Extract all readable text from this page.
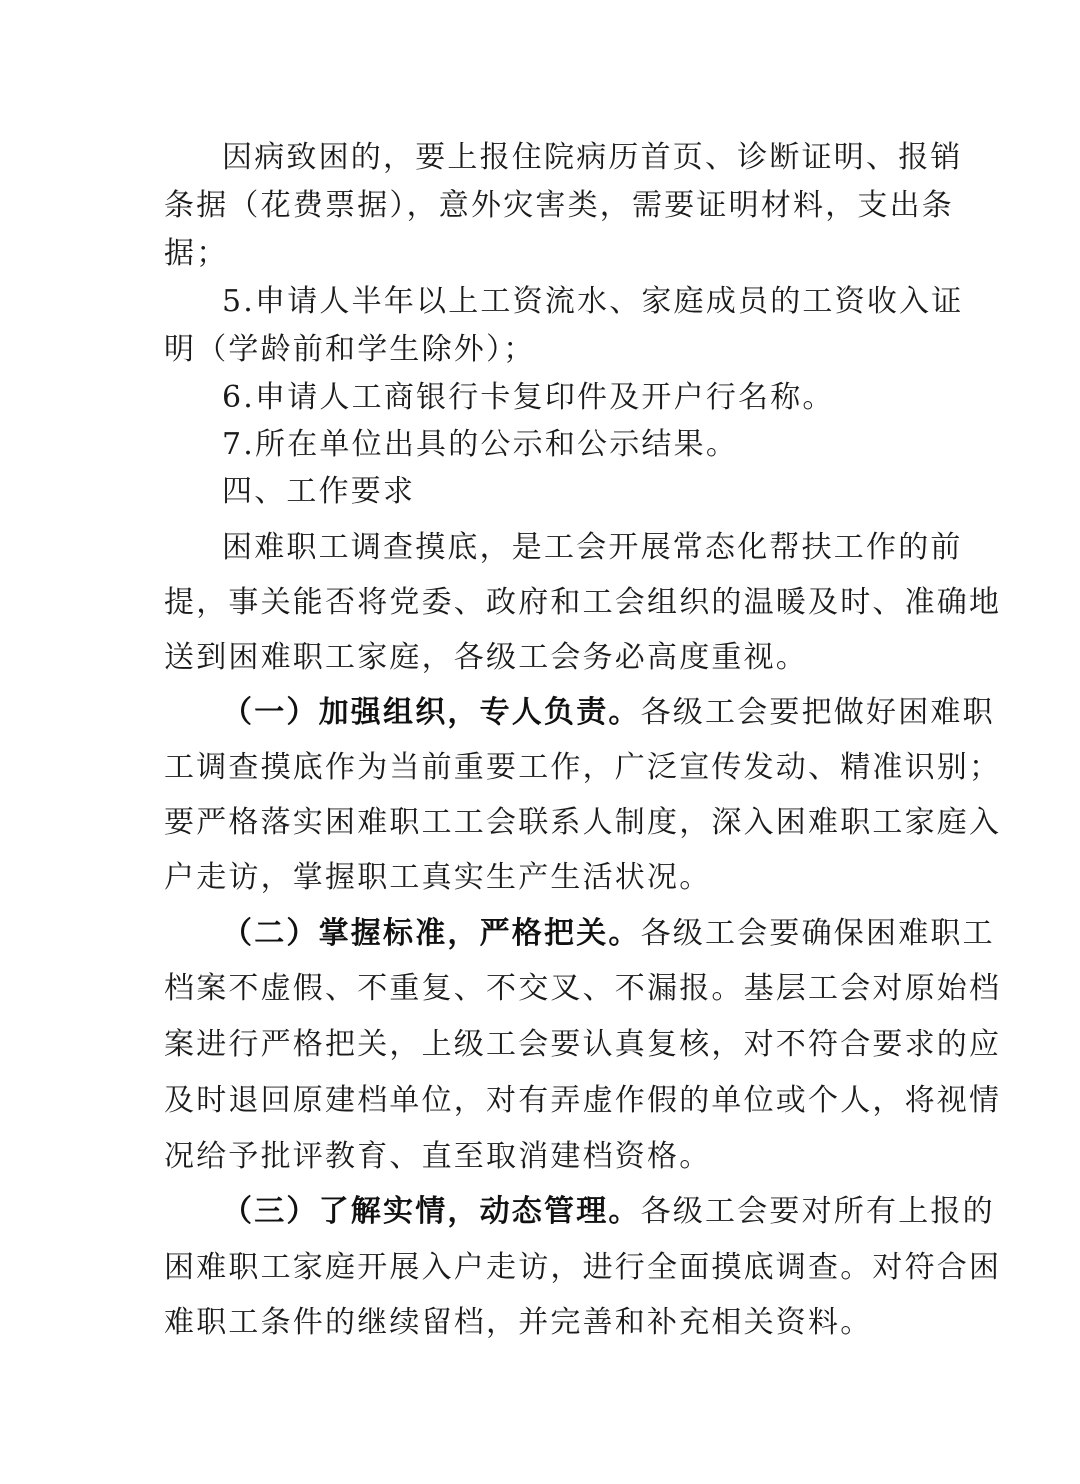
因病致困的，要上报住院病历首页、诊断证明、报销
条据（花费票据），意外灾害类，需要证明材料，支出条
据；
5.申请人半年以上工资流水、家庭成员的工资收入证
明（学龄前和学生除外）；
6.申请人工商银行卡复印件及开户行名称。
7.所在单位出具的公示和公示结果。
四、工作要求
困难职工调查摸底，是工会开展常态化帮扶工作的前
提，事关能否将党委、政府和工会组织的温暖及时、准确地
送到困难职工家庭，各级工会务必高度重视。
（一）加强组织，专人负责。各级工会要把做好困难职
工调查摸底作为当前重要工作，广泛宣传发动、精准识别；
要严格落实困难职工工会联系人制度，深入困难职工家庭入
户走访，掌握职工真实生产生活状况。
（二）掌握标准，严格把关。各级工会要确保困难职工
档案不虚假、不重复、不交叉、不漏报。基层工会对原始档
案进行严格把关，上级工会要认真复核，对不符合要求的应
及时退回原建档单位，对有弄虚作假的单位或个人，将视情
况给予批评教育、直至取消建档资格。
（三）了解实情，动态管理。各级工会要对所有上报的
困难职工家庭开展入户走访，进行全面摸底调查。对符合困
难职工条件的继续留档，并完善和补充相关资料。
